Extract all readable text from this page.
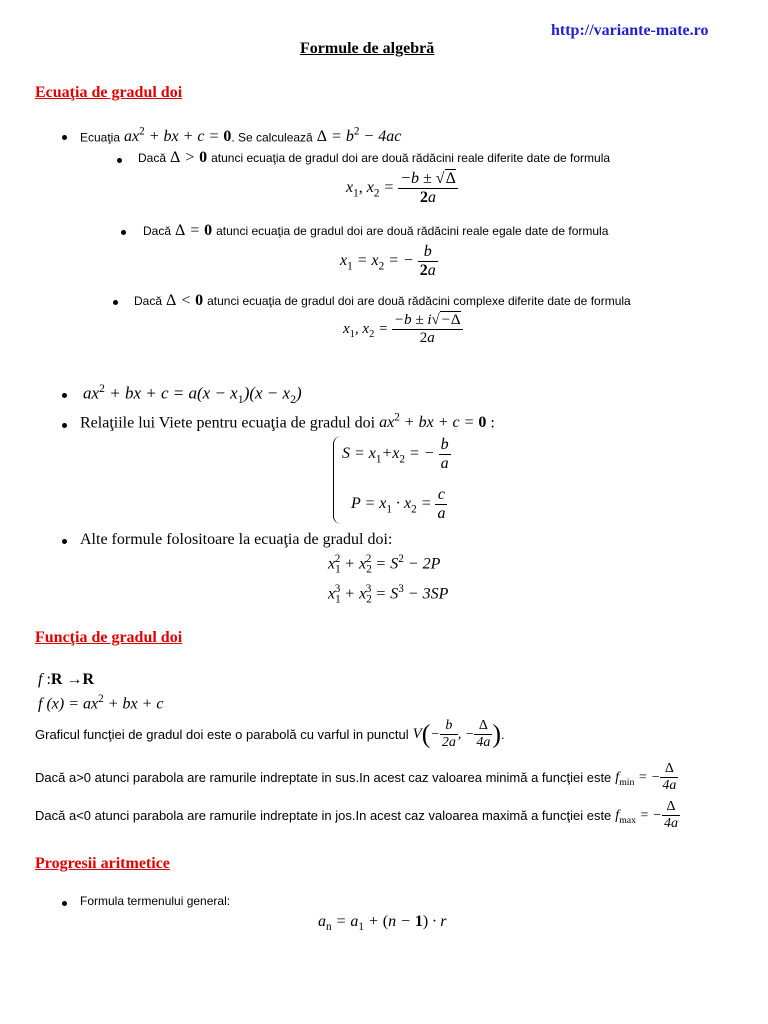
http://variante-mate.ro
Formule de algebră
Ecuaţia de gradul doi
Ecuaţia $ax^2$ + bx + c = 0. Se calculează $\Delta = b^2 - 4ac$
Dacă Δ > 0 atunci ecuaţia de gradul doi are două rădăcini reale diferite date de formula
$x_1$, $x_2 = \frac{-b \pm √\Delta}{2a}$
Dacă Δ = 0 atunci ecuaţia de gradul doi are două rădăcini reale egale date de formula
$x_1 = x_2$ = − $\frac{b}{2a}$
Dacă Δ < 0 atunci ecuaţia de gradul doi are două rădăcini complexe diferite date de formula
$x_1$, $x_2 = \frac{-b \pm i√-\Delta}{2a}$
$ax^2$ + bx + $c = a(x - x_1)(x - x_2)$
Relaţiile lui Viete pentru ecuaţia de gradul doi $ax^2$ + bx + c = 0 :
$S = x_1+x_2$ = − $\frac{b}{a}$
$P = x_1 \cdot x_2 = \frac{c}{a}$
Alte formule folositoare la ecuaţia de gradul doi:
$x_1^2 + x_2^2 = S^2 - 2P$
$x_1^3 + x_2^3 = S^3 - 3SP$
Funcţia de gradul doi
f :R →R
f $(x) = ax^2$ + bx + c
Graficul funcţiei de gradul doi este o parabolă cu varful in punctul $V(- \frac{b}{2a}$ , − $\frac{\Delta}{4a}$ ).
Dacă a>0 atunci parabola are ramurile indreptate in sus.In acest caz valoarea minimă a funcţiei este $f_{min}$ = − $\frac{\Delta}{4a}$
Dacă a<0 atunci parabola are ramurile indreptate in jos.In acest caz valoarea maximă a funcţiei este $f_{max}$ = − $\frac{\Delta}{4a}$
Progresii aritmetice
Formula termenului general:
$a_n = a_1 + (n - 1) \cdot r$
